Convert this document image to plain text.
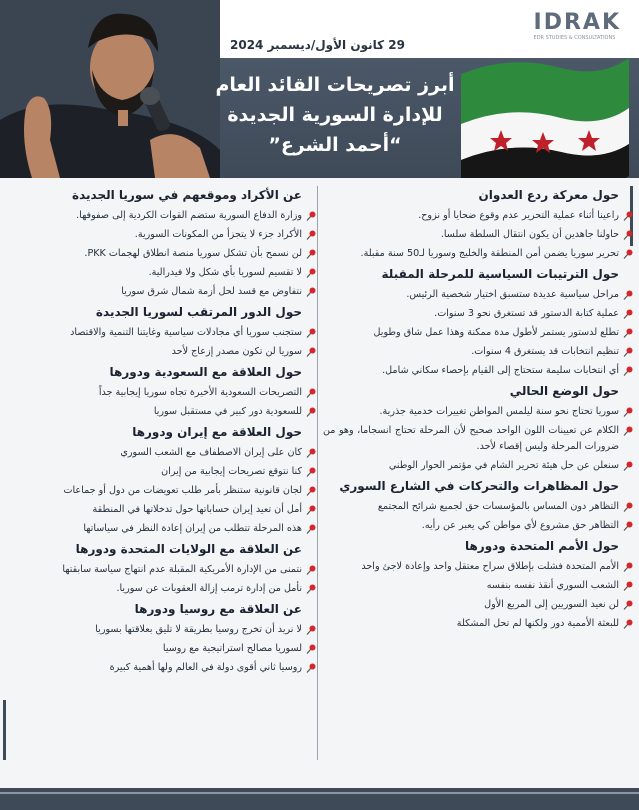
IDRAK
EDR STUDIES & CONSULTATIONS
29 كانون الأول/ديسمبر 2024
أبرز تصريحات القائد العام
للإدارة السورية الجديدة
“أحمد الشرع”
حول معركة ردع العدوان
راعينا أثناء عملية التحرير عدم وقوع ضحايا أو نزوح.
حاولنا جاهدين أن يكون انتقال السلطة سلسا.
تحرير سوريا يضمن أمن المنطقة والخليج وسوريا لـ50 سنة مقبلة.
حول الترتيبات السياسية للمرحلة المقبلة
مراحل سياسية عديدة ستسبق اختيار شخصية الرئيس.
عملية كتابة الدستور قد تستغرق نحو 3 سنوات.
تطلع لدستور يستمر لأطول مدة ممكنة وهذا عمل شاق وطويل
تنظيم انتخابات قد يستغرق 4 سنوات.
أي انتخابات سليمة ستحتاج إلى القيام بإحصاء سكاني شامل.
حول الوضع الحالي
سوريا تحتاج نحو سنة ليلمس المواطن تغييرات خدمية جذرية.
الكلام عن تعيينات اللون الواحد صحيح لأن المرحلة تحتاج انسجاما، وهو من ضرورات المرحلة وليس إقصاء لأحد.
سنعلن عن حل هيئة تحرير الشام في مؤتمر الحوار الوطني
حول المظاهرات والتحركات في الشارع السوري
التظاهر دون المساس بالمؤسسات حق لجميع شرائح المجتمع
التظاهر حق مشروع لأي مواطن كي يعبر عن رأيه.
حول الأمم المتحدة ودورها
الأمم المتحدة فشلت بإطلاق سراح معتقل واحد وإعادة لاجئ واحد
الشعب السوري أنقذ نفسه بنفسه
لن نعيد السوريين إلى المربع الأول
للبعثة الأممية دور ولكنها لم تحل المشكلة
عن الأكراد وموقعهم في سوريا الجديدة
وزارة الدفاع السورية ستضم القوات الكردية إلى صفوفها.
الأكراد جزء لا يتجزأ من المكونات السورية.
لن نسمح بأن تشكل سوريا منصة انطلاق لهجمات PKK.
لا تقسيم لسوريا بأي شكل ولا فيدرالية.
نتفاوض مع قسد لحل أزمة شمال شرق سوريا
حول الدور المرتقب لسوريا الجديدة
ستجنب سوريا أي مجادلات سياسية وغايتنا التنمية والاقتصاد
سوريا لن تكون مصدر إزعاج لأحد
حول العلاقة مع السعودية ودورها
التصريحات السعودية الأخيرة تجاه سوريا إيجابية جداً
للسعودية دور كبير في مستقبل سوريا
حول العلاقة مع إيران ودورها
كان على إيران الاصطفاف مع الشعب السوري
كنا نتوقع تصريحات إيجابية من إيران
لجان قانونية ستنظر بأمر طلب تعويضات من دول أو جماعات
أمل أن تعيد إيران حساباتها حول تدخلاتها في المنطقة
هذه المرحلة تتطلب من إيران إعادة النظر في سياساتها
عن العلاقة مع الولايات المتحدة ودورها
نتمنى من الإدارة الأمريكية المقبلة عدم انتهاج سياسة سابقتها
نأمل من إدارة ترمب إزالة العقوبات عن سوريا.
عن العلاقة مع روسيا ودورها
لا نريد أن تخرج روسيا بطريقة لا تليق بعلاقتها بسوريا
لسوريا مصالح استراتيجية مع روسيا
روسيا ثاني أقوى دولة في العالم ولها أهمية كبيرة
